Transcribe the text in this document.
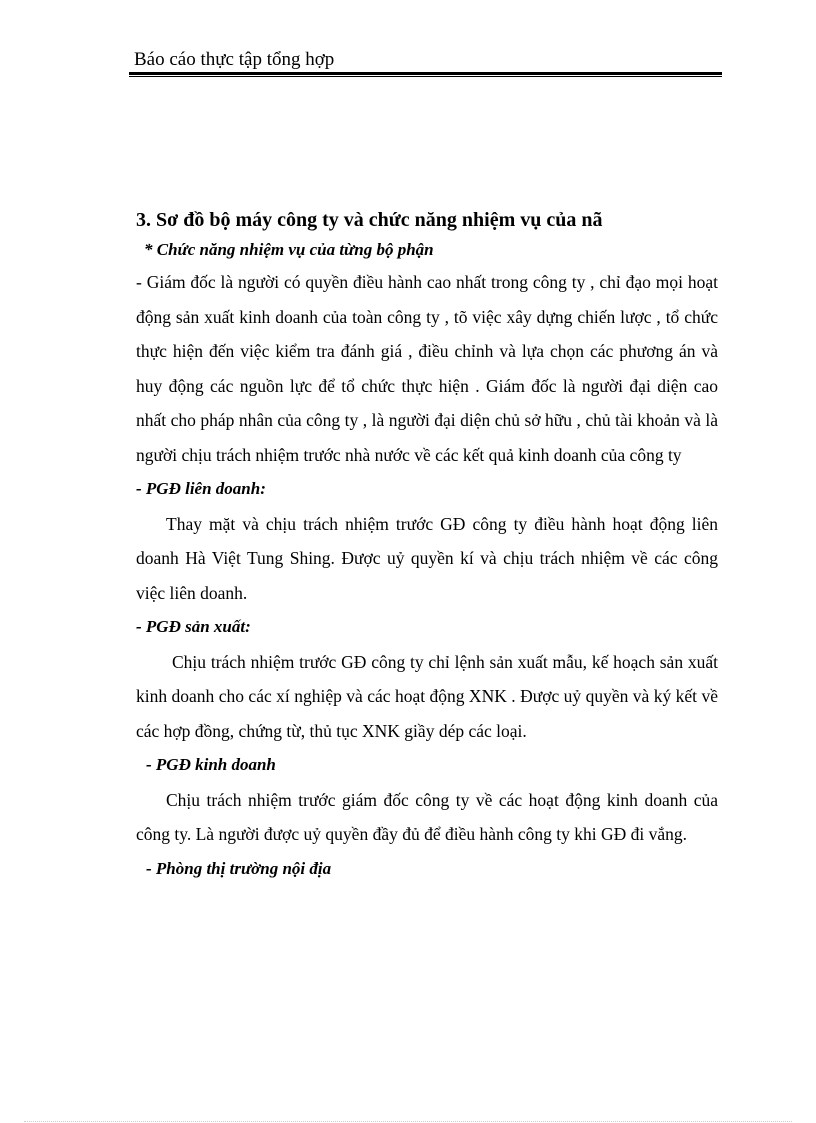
Báo cáo thực tập tổng hợp

3. Sơ đồ bộ máy công ty và chức năng nhiệm vụ của nã

* Chức năng nhiệm vụ của từng bộ phận

- Giám đốc là người có quyền điều hành cao nhất trong công ty , chỉ đạo mọi hoạt động sản xuất kinh doanh của toàn công ty , tõ việc xây dựng chiến lược , tổ chức thực hiện đến việc kiểm tra đánh giá , điều chỉnh và lựa chọn các phương án và huy động các nguồn lực để tổ chức thực hiện . Giám đốc là người đại diện cao nhất cho pháp nhân của công ty , là người đại diện chủ sở hữu , chủ tài khoản và là người chịu trách nhiệm trước nhà nước về các kết quả kinh doanh của công ty

- PGĐ liên doanh:

Thay mặt và chịu trách nhiệm trước GĐ công ty điều hành hoạt động liên doanh Hà Việt Tung Shing. Được uỷ quyền kí và chịu trách nhiệm về các công việc liên doanh.

- PGĐ sản xuất:

Chịu trách nhiệm trước GĐ công ty chỉ lệnh sản xuất mẫu, kế hoạch sản xuất kinh doanh cho các xí nghiệp và các hoạt động XNK . Được uỷ quyền và ký kết về các hợp đồng, chứng từ, thủ tục XNK giầy dép các loại.

- PGĐ kinh doanh

Chịu trách nhiệm trước giám đốc công ty về các hoạt động kinh doanh của công ty. Là người được uỷ quyền đầy đủ để điều hành công ty khi GĐ đi vắng.

- Phòng thị trường nội địa
